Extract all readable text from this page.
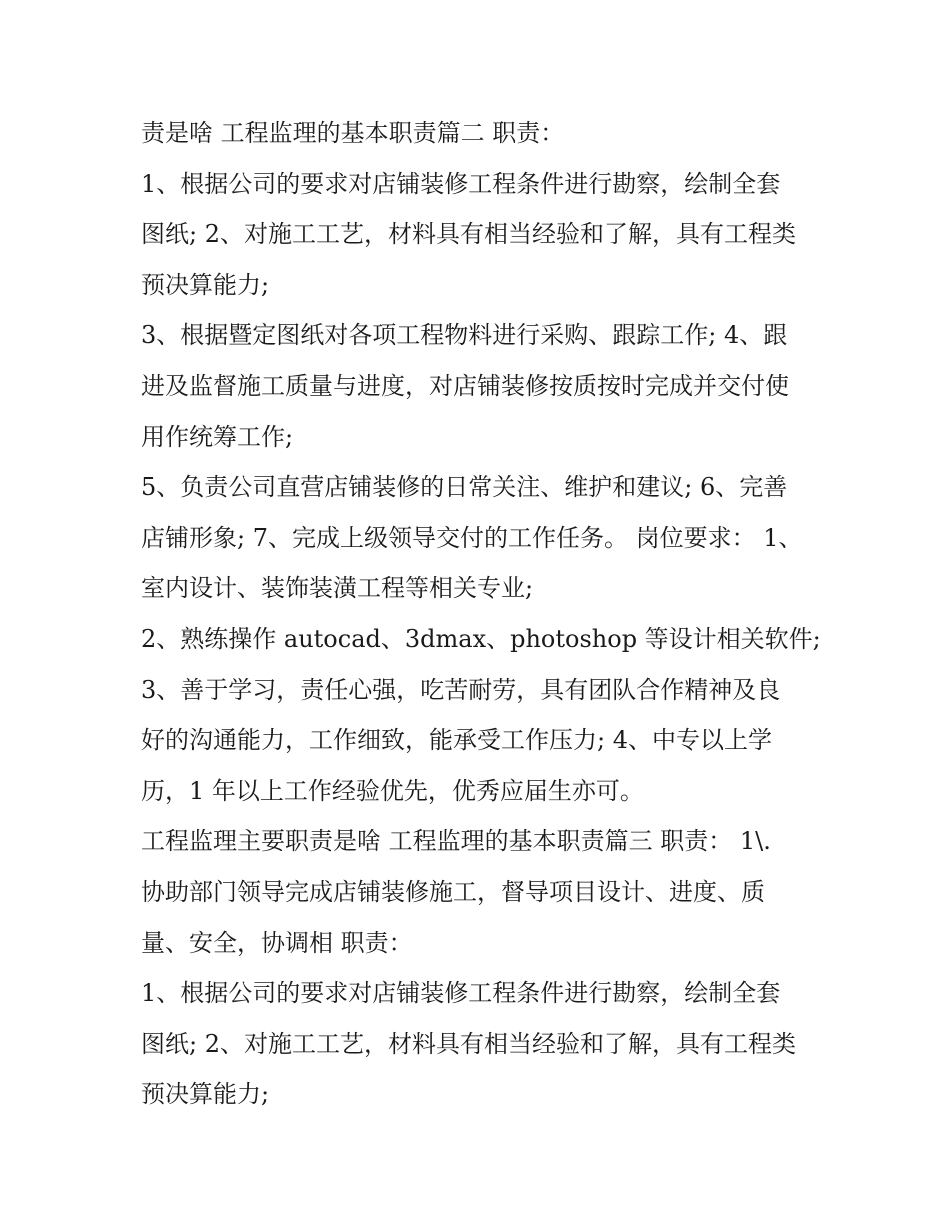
责是啥 工程监理的基本职责篇二 职责：
1、根据公司的要求对店铺装修工程条件进行勘察，绘制全套
图纸; 2、对施工工艺，材料具有相当经验和了解，具有工程类
预决算能力;
3、根据暨定图纸对各项工程物料进行采购、跟踪工作; 4、跟
进及监督施工质量与进度，对店铺装修按质按时完成并交付使
用作统筹工作;
5、负责公司直营店铺装修的日常关注、维护和建议; 6、完善
店铺形象; 7、完成上级领导交付的工作任务。 岗位要求： 1、
室内设计、装饰装潢工程等相关专业;
2、熟练操作 autocad、3dmax、photoshop 等设计相关软件;
3、善于学习，责任心强，吃苦耐劳，具有团队合作精神及良
好的沟通能力，工作细致，能承受工作压力; 4、中专以上学
历，1 年以上工作经验优先，优秀应届生亦可。
工程监理主要职责是啥 工程监理的基本职责篇三 职责： 1\.
协助部门领导完成店铺装修施工，督导项目设计、进度、质
量、安全，协调相 职责：
1、根据公司的要求对店铺装修工程条件进行勘察，绘制全套
图纸; 2、对施工工艺，材料具有相当经验和了解，具有工程类
预决算能力;
